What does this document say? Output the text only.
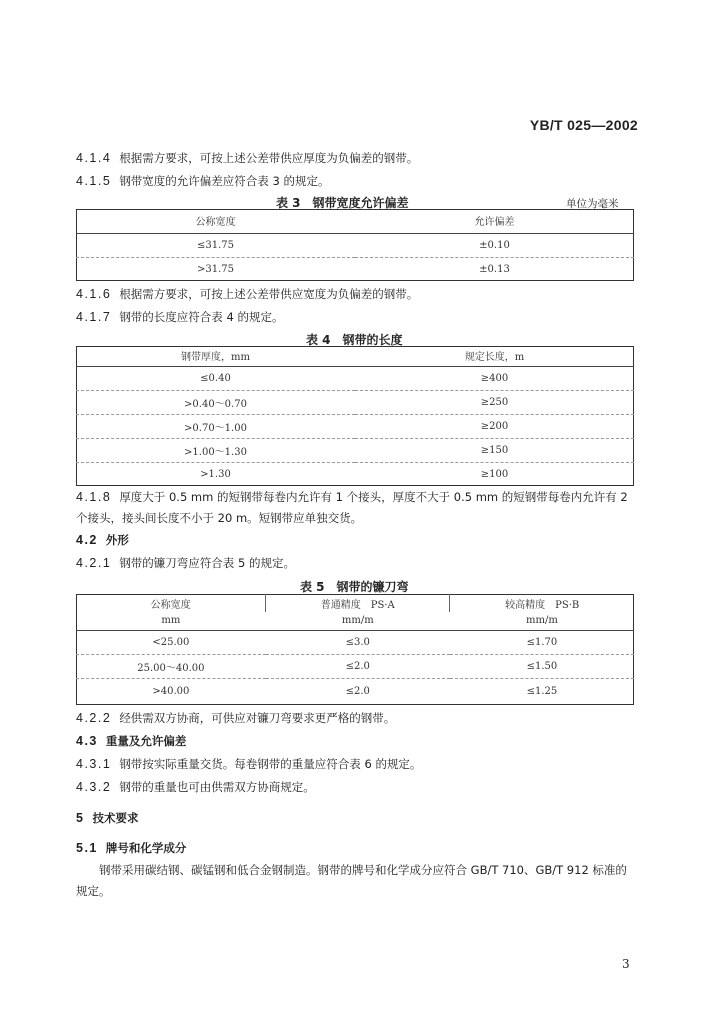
YB/T 025—2002
4.1.4 根据需方要求，可按上述公差带供应厚度为负偏差的钢带。
4.1.5 钢带宽度的允许偏差应符合表 3 的规定。
表 3　钢带宽度允许偏差	单位为毫米
公称宽度	允许偏差
≤31.75	±0.10
>31.75	±0.13
4.1.6 根据需方要求，可按上述公差带供应宽度为负偏差的钢带。
4.1.7 钢带的长度应符合表 4 的规定。
表 4　钢带的长度
钢带厚度，mm	规定长度，m
≤0.40	≥400
>0.40～0.70	≥250
>0.70～1.00	≥200
>1.00～1.30	≥150
>1.30	≥100
4.1.8 厚度大于 0.5 mm 的短钢带每卷内允许有 1 个接头，厚度不大于 0.5 mm 的短钢带每卷内允许有 2 个接头，接头间长度不小于 20 m。短钢带应单独交货。
4.2 外形
4.2.1 钢带的镰刀弯应符合表 5 的规定。
表 5　钢带的镰刀弯
公称宽度	普通精度　PS·A	较高精度　PS·B
mm	mm/m	mm/m
<25.00	≤3.0	≤1.70
25.00～40.00	≤2.0	≤1.50
>40.00	≤2.0	≤1.25
4.2.2 经供需双方协商，可供应对镰刀弯要求更严格的钢带。
4.3 重量及允许偏差
4.3.1 钢带按实际重量交货。每卷钢带的重量应符合表 6 的规定。
4.3.2 钢带的重量也可由供需双方协商规定。
5 技术要求
5.1 牌号和化学成分
钢带采用碳结钢、碳锰钢和低合金钢制造。钢带的牌号和化学成分应符合 GB/T 710、GB/T 912 标准的规定。
3
